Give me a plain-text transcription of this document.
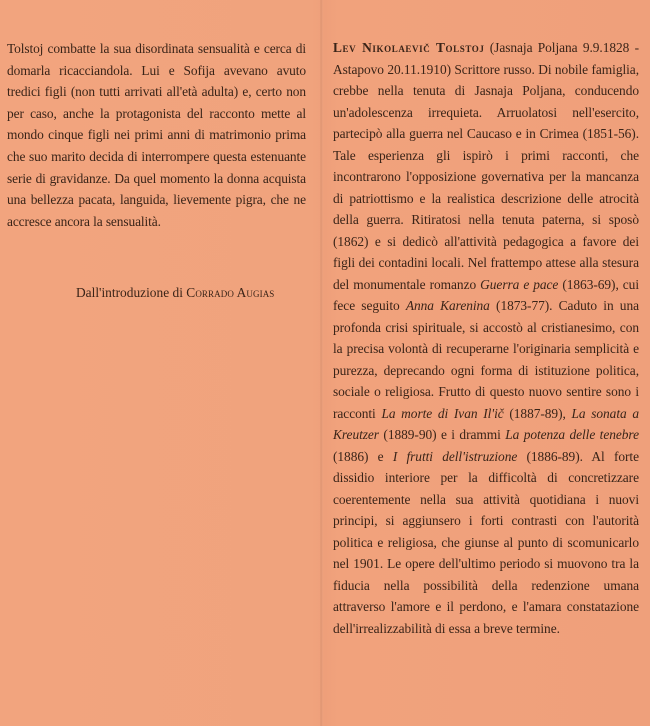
Tolstoj combatte la sua disordinata sensualità e cerca di domarla ricacciandola. Lui e Sofija avevano avuto tredici figli (non tutti arrivati all'età adulta) e, certo non per caso, anche la protagonista del racconto mette al mondo cinque figli nei primi anni di matrimonio prima che suo marito decida di interrompere questa estenuante serie di gravidanze. Da quel momento la donna acquista una bellezza pacata, languida, lievemente pigra, che ne accresce ancora la sensualità.

Dall'introduzione di Corrado Augias

Lev Nikolaevič Tolstoj (Jasnaja Poljana 9.9.1828 - Astapovo 20.11.1910) Scrittore russo. Di nobile famiglia, crebbe nella tenuta di Jasnaja Poljana, conducendo un'adolescenza irrequieta. Arruolatosi nell'esercito, partecipò alla guerra nel Caucaso e in Crimea (1851-56). Tale esperienza gli ispirò i primi racconti, che incontrarono l'opposizione governativa per la mancanza di patriottismo e la realistica descrizione delle atrocità della guerra. Ritiratosi nella tenuta paterna, si sposò (1862) e si dedicò all'attività pedagogica a favore dei figli dei contadini locali. Nel frattempo attese alla stesura del monumentale romanzo Guerra e pace (1863-69), cui fece seguito Anna Karenina (1873-77). Caduto in una profonda crisi spirituale, si accostò al cristianesimo, con la precisa volontà di recuperarne l'originaria semplicità e purezza, deprecando ogni forma di istituzione politica, sociale o religiosa. Frutto di questo nuovo sentire sono i racconti La morte di Ivan Il'ič (1887-89), La sonata a Kreutzer (1889-90) e i drammi La potenza delle tenebre (1886) e I frutti dell'istruzione (1886-89). Al forte dissidio interiore per la difficoltà di concretizzare coerentemente nella sua attività quotidiana i nuovi principi, si aggiunsero i forti contrasti con l'autorità politica e religiosa, che giunse al punto di scomunicarlo nel 1901. Le opere dell'ultimo periodo si muovono tra la fiducia nella possibilità della redenzione umana attraverso l'amore e il perdono, e l'amara constatazione dell'irrealizzabilità di essa a breve termine.
